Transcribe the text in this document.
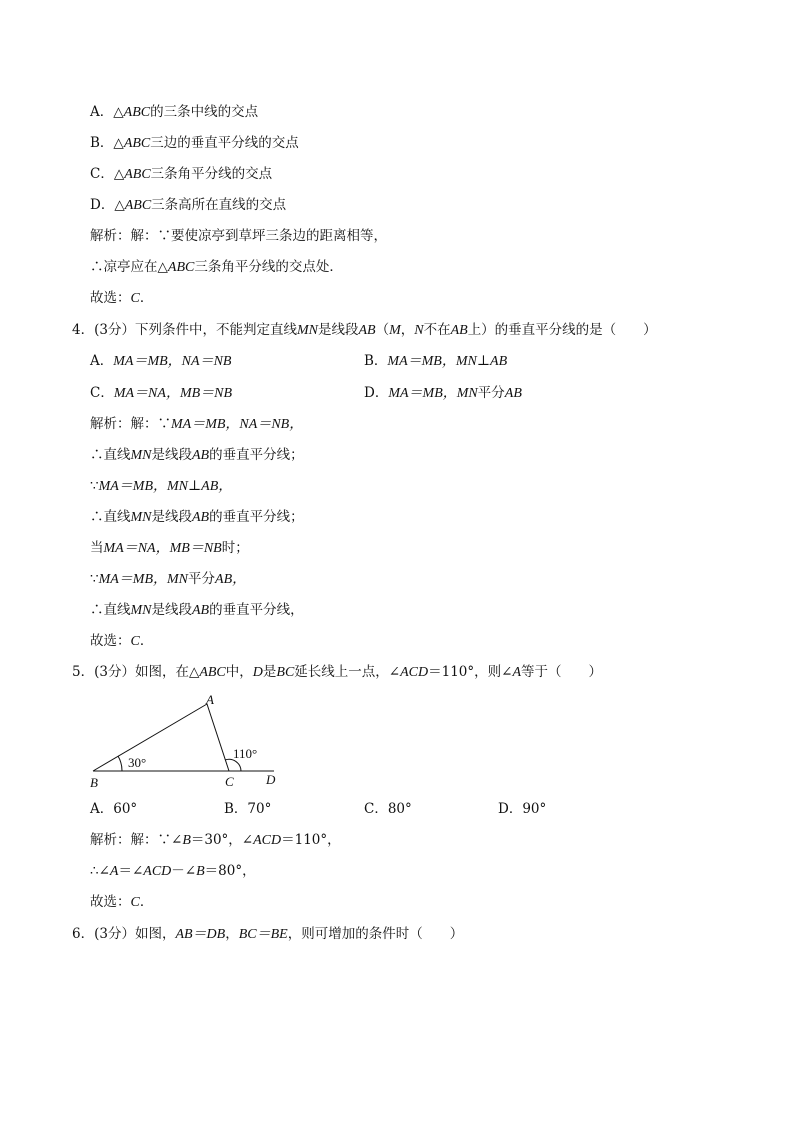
A．△ABC的三条中线的交点
B．△ABC三边的垂直平分线的交点
C．△ABC三条角平分线的交点
D．△ABC三条高所在直线的交点
解析：解：∵要使凉亭到草坪三条边的距离相等，
∴凉亭应在△ABC三条角平分线的交点处．
故选：C．
4．(3分）下列条件中，不能判定直线MN是线段AB（M，N不在AB上）的垂直平分线的是（　　）
A．MA＝MB，NA＝NB	B．MA＝MB，MN⊥AB
C．MA＝NA，MB＝NB	D．MA＝MB，MN平分AB
解析：解：∵MA＝MB，NA＝NB，
∴直线MN是线段AB的垂直平分线；
∵MA＝MB，MN⊥AB，
∴直线MN是线段AB的垂直平分线；
当MA＝NA，MB＝NB时；
∵MA＝MB，MN平分AB，
∴直线MN是线段AB的垂直平分线，
故选：C．
5．(3分）如图，在△ABC中，D是BC延长线上一点，∠ACD＝110°，则∠A等于（　　）
A
B	C D
30°
110°
A．60°	B．70°	C．80°	D．90°
解析：解：∵∠B＝30°，∠ACD＝110°，
∴∠A＝∠ACD－∠B＝80°，
故选：C．
6．(3分）如图，AB＝DB，BC＝BE，则可增加的条件时（　　）
